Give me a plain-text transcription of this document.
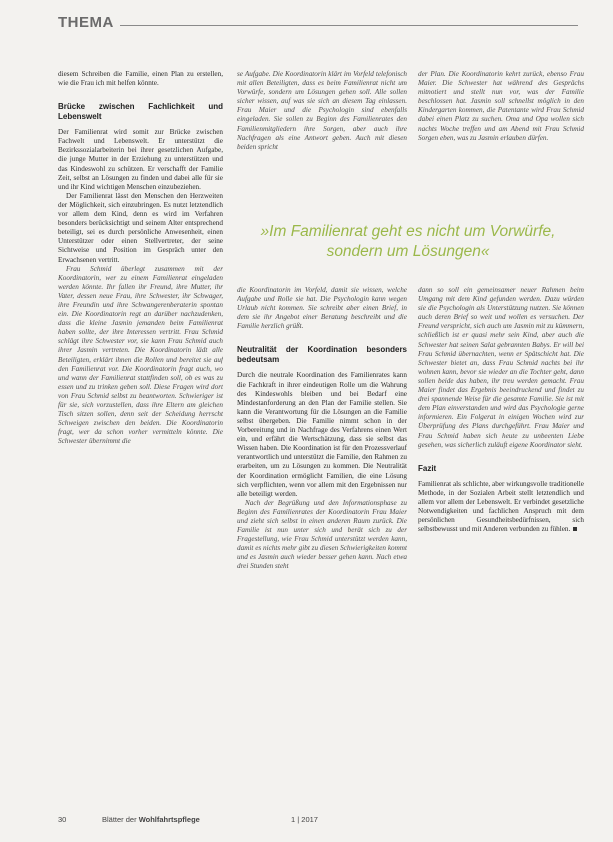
THEMA

diesem Schreiben die Familie, einen Plan zu erstellen, wie die Frau ich mit helfen könnte.

Brücke zwischen Fachlichkeit und Lebenswelt

Der Familienrat wird somit zur Brücke zwischen Fachwelt und Lebenswelt. Er unterstützt die Bezirkssozialarbeiterin bei ihrer gesetzlichen Aufgabe, die junge Mutter in der Erziehung zu unterstützen und das Kindeswohl zu schützen. Er verschafft der Familie Zeit, selbst an Lösungen zu finden und dabei alle für sie und ihr Kind wichtigen Menschen einzubeziehen.

Der Familienrat lässt den Menschen den Herzweiten der Möglichkeit, sich einzubringen. Es nutzt letztendlich vor allem dem Kind, denn es wird im Verfahren besonders berücksichtigt und seinem Alter entsprechend beteiligt, sei es durch persönliche Anwesenheit, einen Unterstützer oder einen Stellvertreter, der seine Sichtweise und Position im Gespräch unter den Erwachsenen vertritt.

Frau Schmid überlegt zusammen mit der Koordinatorin, wer zu einem Familienrat eingeladen werden könnte. Ihr fallen ihr Freund, ihre Mutter, ihr Vater, dessen neue Frau, ihre Schwester, ihr Schwager, ihre Freundin und ihre Schwangerenberaterin spontan ein. Die Koordinatorin regt an darüber nachzudenken, dass die kleine Jasmin jemanden beim Familienrat haben sollte, der ihre Interessen vertritt. Frau Schmid schlägt ihre Schwester vor, sie kann Frau Schmid auch ihrer Jasmin vertreten. Die Koordinatorin lädt alle Beteiligten, erklärt ihnen die Rollen und bereitet sie auf den Familienrat vor. Die Koordinatorin fragt auch, wo und wann der Familienrat stattfinden soll, ob es was zu essen und zu trinken geben soll. Diese Fragen wird dort von Frau Schmid selbst zu beantworten. Schwieriger ist für sie, sich vorzustellen, dass ihre Eltern am gleichen Tisch sitzen sollen, denn seit der Scheidung herrscht Schweigen zwischen den beiden. Die Koordinatorin fragt, wer da schon vorher vermitteln könnte. Die Schwester übernimmt die

se Aufgabe. Die Koordinatorin klärt im Vorfeld telefonisch mit allen Beteiligten, dass es beim Familienrat nicht um Vorwürfe, sondern um Lösungen gehen soll. Alle sollen sicher wissen, auf was sie sich an diesem Tag einlassen. Frau Maier und die Psychologin sind ebenfalls eingeladen. Sie sollen zu Beginn des Familienrates den Familienmitgliedern ihre Sorgen, aber auch ihre Nachfragen als eine Antwort geben. Auch mit diesen beiden spricht

der Plan. Die Koordinatorin kehrt zurück, ebenso Frau Maier. Die Schwester hat während des Gesprächs mitnotiert und stellt nun vor, was der Familie beschlossen hat. Jasmin soll schnellst möglich in den Kindergarten kommen, die Patentante wird Frau Schmid dabei einen Platz zu suchen. Oma und Opa wollen sich nachts Woche treffen und am Abend mit Frau Schmid Sorgen eben, was zu Jasmin erlauben dürfen.

»Im Familienrat geht es nicht um Vorwürfe, sondern um Lösungen«

die Koordinatorin im Vorfeld, damit sie wissen, welche Aufgabe und Rolle sie hat. Die Psychologin kann wegen Urlaub nicht kommen. Sie schreibt aber einen Brief, in dem sie ihr Angebot einer Beratung beschreibt und die Familie herzlich grüßt.

Neutralität der Koordination besonders bedeutsam

Durch die neutrale Koordination des Familienrates kann die Fachkraft in ihrer eindeutigen Rolle um die Wahrung des Kindeswohls bleiben und bei Bedarf eine Mindestanforderung an den Plan der Familie stellen. Sie kann die Verantwortung für die Lösungen an die Familie selbst übergeben. Die Familie nimmt schon in der Vorbereitung und in Nachfrage des Verfahrens einen Wert ein, und erfährt die Wertschätzung, dass sie selbst das Wissen haben. Die Koordination ist für den Prozessverlauf verantwortlich und unterstützt die Familie, den Rahmen zu erarbeiten, um zu Lösungen zu kommen. Die Neutralität der Koordination ermöglicht Familien, die eine Lösung sich verpflichten, wenn vor allem mit den Ergebnissen nur alle beteiligt werden.

Nach der Begrüßung und den Informationsphase zu Beginn des Familienrates der Koordinatorin Frau Maier und zieht sich selbst in einen anderen Raum zurück. Die Familie ist nun unter sich und berät sich zu der Fragestellung, wie Frau Schmid unterstützt werden kann, damit es nichts mehr gibt zu diesen Schwierigkeiten kommt und es Jasmin auch wieder besser gehen kann. Nach etwa drei Stunden steht

dann so soll ein gemeinsamer neuer Rahmen beim Umgang mit dem Kind gefunden werden. Dazu würden sie die Psychologin als Unterstützung nutzen. Sie können auch deren Brief so weit und wollen es versuchen. Der Freund verspricht, sich auch um Jasmin mit zu kümmern, schließlich ist er quasi mehr sein Kind, aber auch die Schwester hat seinen Salat gebrannten Babys. Er will bei Frau Schmid übernachten, wenn er Spätschicht hat. Die Schwester bietet an, dass Frau Schmid nachts bei ihr wohnen kann, bevor sie wieder an die Tochter geht, dann sollen beide das haben, ihr treu werden gemacht. Frau Maier findet das Ergebnis beeindruckend und findet zu drei spannende Weise für die gesamte Familie. Sie ist mit dem Plan einverstanden und wird das Psychologie gerne informieren. Ein Folgerat in einigen Wochen wird zur Überprüfung des Plans durchgeführt. Frau Maier und Frau Schmid haben sich heute zu unbeenten Liebe gesehen, was sicherlich zuläuft eigene Koordinator sieht.

Fazit

Familienrat als schlichte, aber wirkungsvolle traditionelle Methode, in der Sozialen Arbeit stellt letztendlich und allem vor allem der Lebenswelt. Er verbindet gesetzliche Notwendigkeiten und fachlichen Anspruch mit dem persönlichen Gesundheitsbedürfnissen, sich selbstbewusst und mit Anderen verbunden zu fühlen.

30	Blätter der Wohlfahrtspflege	1 | 2017
